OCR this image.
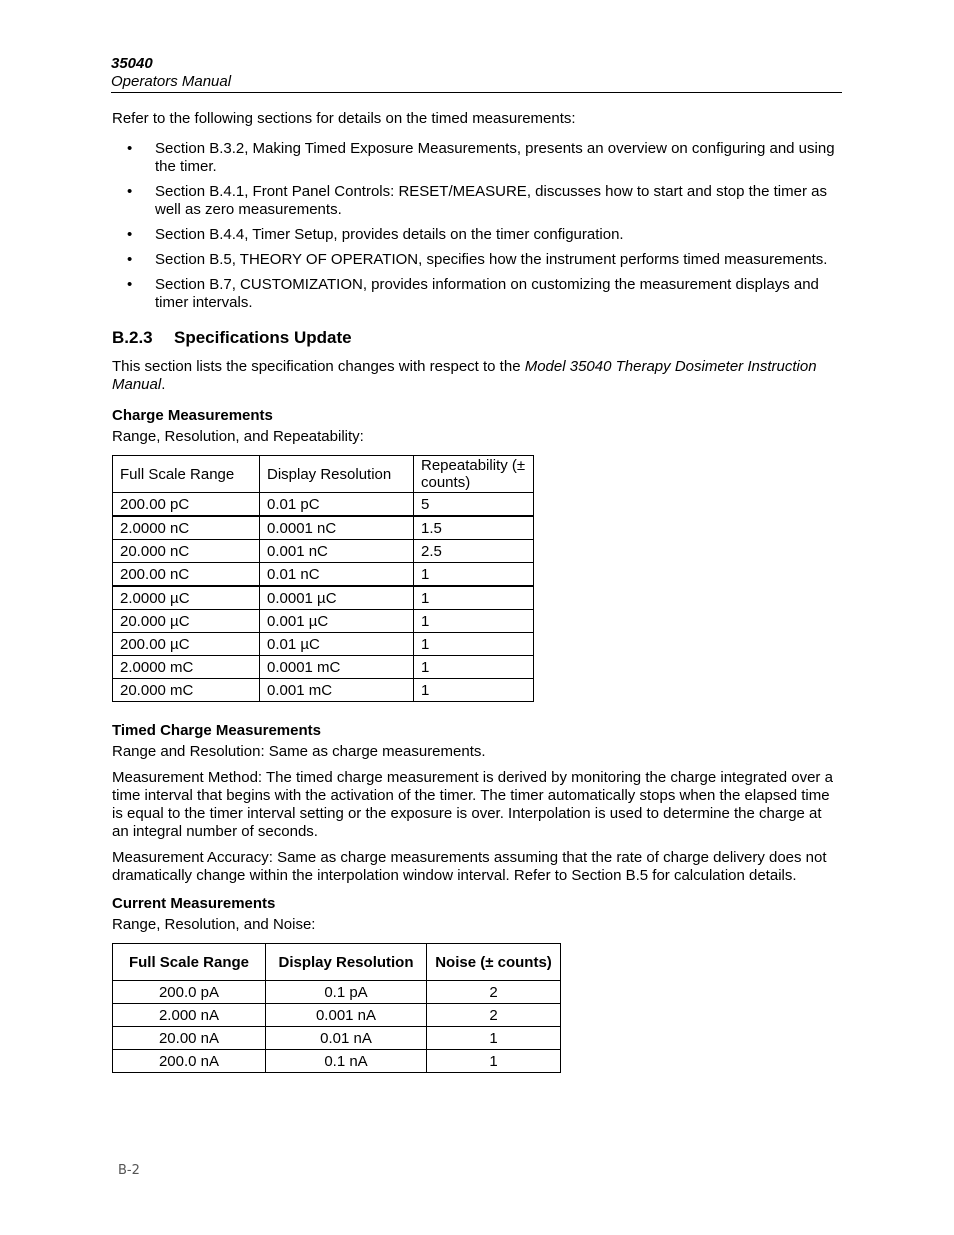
35040
Operators Manual

Refer to the following sections for details on the timed measurements:

• Section B.3.2, Making Timed Exposure Measurements, presents an overview on configuring and using the timer.
• Section B.4.1, Front Panel Controls: RESET/MEASURE, discusses how to start and stop the timer as well as zero measurements.
• Section B.4.4, Timer Setup, provides details on the timer configuration.
• Section B.5, THEORY OF OPERATION, specifies how the instrument performs timed measurements.
• Section B.7, CUSTOMIZATION, provides information on customizing the measurement displays and timer intervals.
B.2.3 Specifications Update

This section lists the specification changes with respect to the Model 35040 Therapy Dosimeter Instruction Manual.

Charge Measurements

Range, Resolution, and Repeatability:

Full Scale Range	Display Resolution	Repeatability (± counts)
200.00 pC	0.01 pC	5
2.0000 nC	0.0001 nC	1.5
20.000 nC	0.001 nC	2.5
200.00 nC	0.01 nC	1
2.0000 µC	0.0001 µC	1
20.000 µC	0.001 µC	1
200.00 µC	0.01 µC	1
2.0000 mC	0.0001 mC	1
20.000 mC	0.001 mC	1
Timed Charge Measurements

Range and Resolution: Same as charge measurements.

Measurement Method: The timed charge measurement is derived by monitoring the charge integrated over a time interval that begins with the activation of the timer. The timer automatically stops when the elapsed time is equal to the timer interval setting or the exposure is over. Interpolation is used to determine the charge at an integral number of seconds.

Measurement Accuracy: Same as charge measurements assuming that the rate of charge delivery does not dramatically change within the interpolation window interval. Refer to Section B.5 for calculation details.

Current Measurements

Range, Resolution, and Noise:

Full Scale Range	Display Resolution	Noise (± counts)
200.0 pA	0.1 pA	2
2.000 nA	0.001 nA	2
20.00 nA	0.01 nA	1
200.0 nA	0.1 nA	1
B-2
